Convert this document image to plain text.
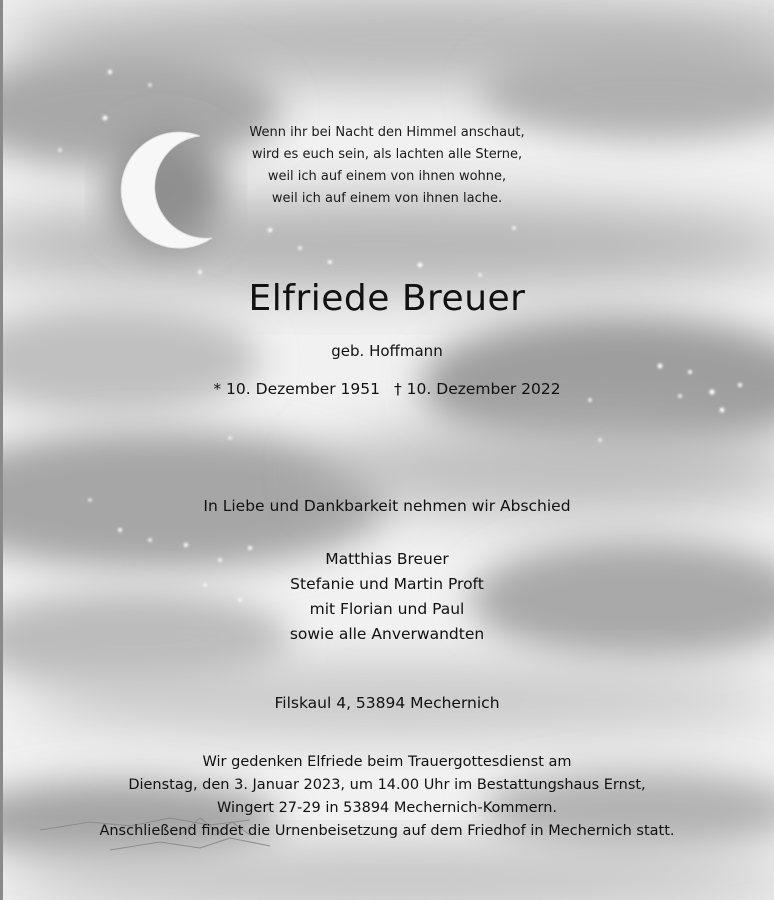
Wenn ihr bei Nacht den Himmel anschaut,
wird es euch sein, als lachten alle Sterne,
weil ich auf einem von ihnen wohne,
weil ich auf einem von ihnen lache.
Elfriede Breuer
geb. Hoffmann
* 10. Dezember 1951 † 10. Dezember 2022
In Liebe und Dankbarkeit nehmen wir Abschied
Matthias Breuer
Stefanie und Martin Proft
mit Florian und Paul
sowie alle Anverwandten
Filskaul 4, 53894 Mechernich
Wir gedenken Elfriede beim Trauergottesdienst am
Dienstag, den 3. Januar 2023, um 14.00 Uhr im Bestattungshaus Ernst,
Wingert 27-29 in 53894 Mechernich-Kommern.
Anschließend findet die Urnenbeisetzung auf dem Friedhof in Mechernich statt.
